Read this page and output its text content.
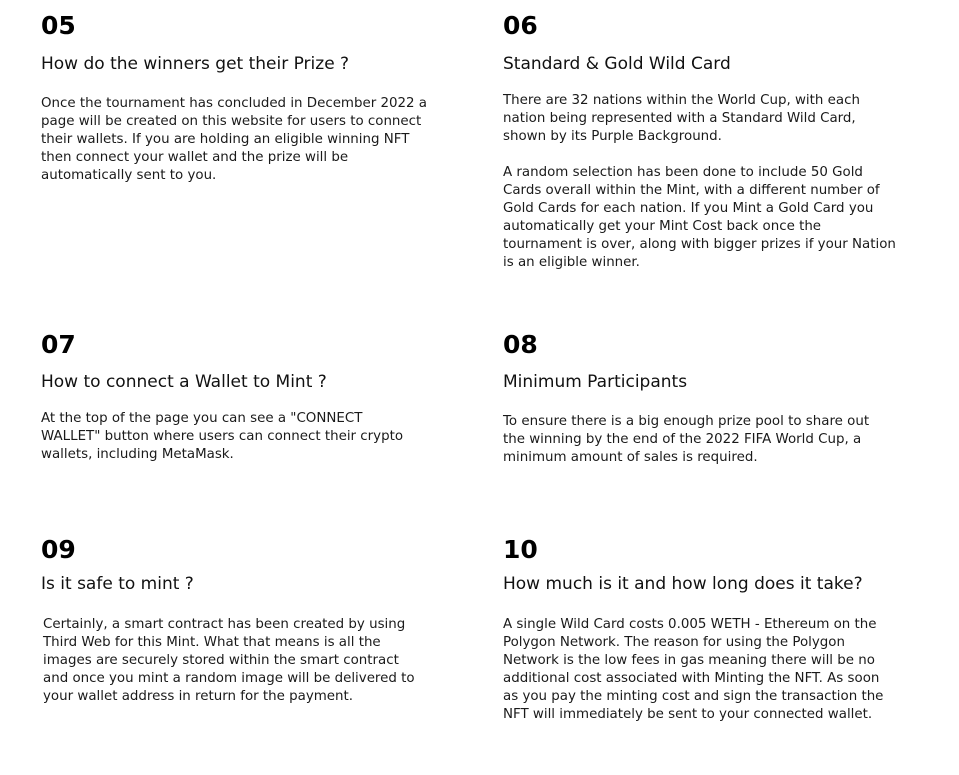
05
How do the winners get their Prize ?

Once the tournament has concluded in December 2022 a page will be created on this website for users to connect their wallets. If you are holding an eligible winning NFT then connect your wallet and the prize will be automatically sent to you.

06
Standard & Gold Wild Card

There are 32 nations within the World Cup, with each nation being represented with a Standard Wild Card, shown by its Purple Background.

A random selection has been done to include 50 Gold Cards overall within the Mint, with a different number of Gold Cards for each nation. If you Mint a Gold Card you automatically get your Mint Cost back once the tournament is over, along with bigger prizes if your Nation is an eligible winner.

07
How to connect a Wallet to Mint ?

At the top of the page you can see a "CONNECT WALLET" button where users can connect their crypto wallets, including MetaMask.

08
Minimum Participants

To ensure there is a big enough prize pool to share out the winning by the end of the 2022 FIFA World Cup, a minimum amount of sales is required.

09
Is it safe to mint ?

Certainly, a smart contract has been created by using Third Web for this Mint. What that means is all the images are securely stored within the smart contract and once you mint a random image will be delivered to your wallet address in return for the payment.

10
How much is it and how long does it take?

A single Wild Card costs 0.005 WETH - Ethereum on the Polygon Network. The reason for using the Polygon Network is the low fees in gas meaning there will be no additional cost associated with Minting the NFT. As soon as you pay the minting cost and sign the transaction the NFT will immediately be sent to your connected wallet.
